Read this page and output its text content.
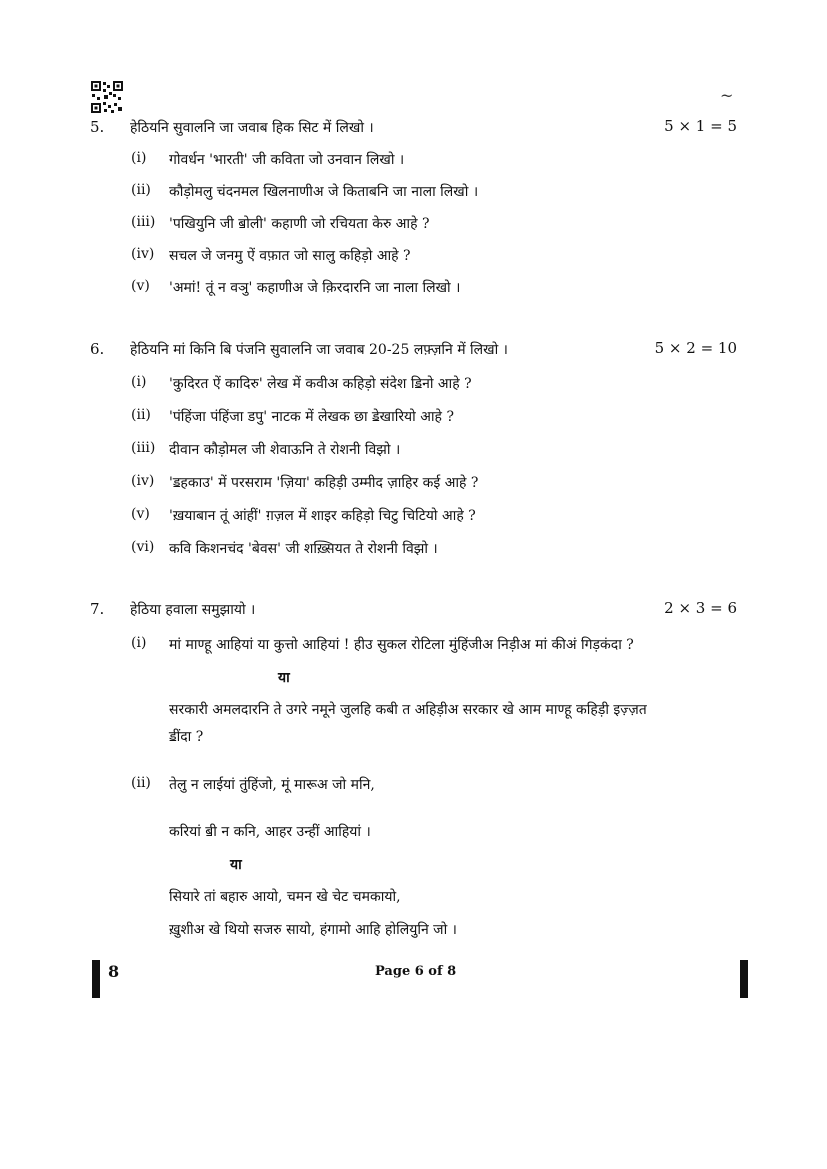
~
5. हेठियनि सुवालनि जा जवाब हिक सिट में लिखो ।	5 × 1 = 5
(i) गोवर्धन 'भारती' जी कविता जो उनवान लिखो ।
(ii) कौड़ोमलु चंदनमल खिलनाणीअ जे किताबनि जा नाला लिखो ।
(iii) 'पखियुनि जी ॿोली' कहाणी जो रचियता केरु आहे ?
(iv) सचल जे जनमु ऐं वफ़ात जो सालु कहिड़ो आहे ?
(v) 'अमां! तूं न वञु' कहाणीअ जे क़िरदारनि जा नाला लिखो ।
6. हेठियनि मां किनि बि पंजनि सुवालनि जा जवाब 20-25 लफ़्ज़नि में लिखो ।	5 × 2 = 10
(i) 'कुदिरत ऐं कादिरु' लेख में कवीअ कहिड़ो संदेश ॾिनो आहे ?
(ii) 'पंहिंजा पंहिंजा डपु' नाटक में लेखक छा ॾेखारियो आहे ?
(iii) दीवान कौड़ोमल जी शेवाऊनि ते रोशनी विझो ।
(iv) 'ॾहकाउ' में परसराम 'ज़िया' कहिड़ी उम्मीद ज़ाहिर कई आहे ?
(v) 'ख़याबान तूं आंहीं' ग़ज़ल में शाइर कहिड़ो चिटु चिटियो आहे ?
(vi) कवि किशनचंद 'बेवस' जी शख़्सियत ते रोशनी विझो ।
7. हेठिया हवाला समुझायो ।	2 × 3 = 6
(i) मां माण्हू आहियां या कुत्तो आहियां ! हीउ सुकल रोटिला मुंहिंजीअ निड़ीअ मां कीअं गिड़कंदा ?
या
सरकारी अमलदारनि ते उगरे नमूने जुलहि कबी त अहिड़ीअ सरकार खे आम माण्हू कहिड़ी इज़्ज़त
ॾींदा ?
(ii) तेलु न लाईयां तुंहिंजो, मूं मारूअ जो मनि,
करियां ॿी न कनि, आहर उन्हीं आहियां ।
या
सियारे तां बहारु आयो, चमन खे चेट चमकायो,
ख़ुशीअ खे थियो सजरु सायो, हंगामो आहि होलियुनि जो ।
8	Page 6 of 8
